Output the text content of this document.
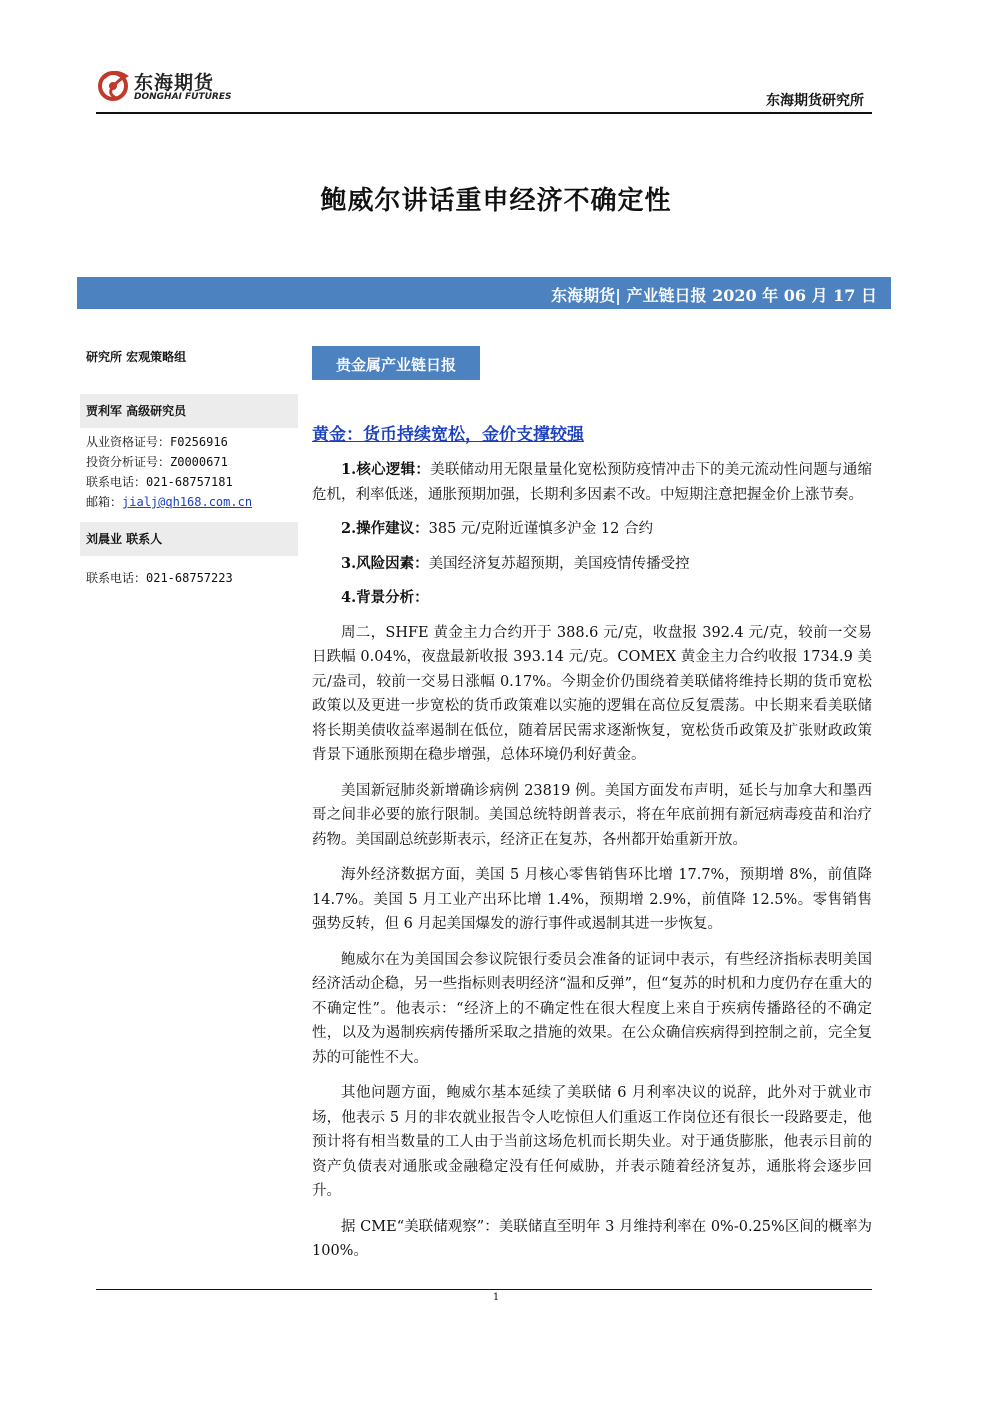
东海期货
DONGHAI FUTURES	东海期货研究所
鲍威尔讲话重申经济不确定性
东海期货| 产业链日报 2020 年 06 月 17 日
研究所 宏观策略组
贾利军 高级研究员
从业资格证号：F0256916
投资分析证号：Z0000671
联系电话：021-68757181
邮箱：jialj@qh168.com.cn
刘晨业 联系人
联系电话：021-68757223
贵金属产业链日报
黄金：货币持续宽松，金价支撑较强

1.核心逻辑：美联储动用无限量量化宽松预防疫情冲击下的美元流动性问题与通缩危机，利率低迷，通胀预期加强，长期利多因素不改。中短期注意把握金价上涨节奏。

2.操作建议：385 元/克附近谨慎多沪金 12 合约

3.风险因素：美国经济复苏超预期，美国疫情传播受控

4.背景分析：

周二，SHFE 黄金主力合约开于 388.6 元/克，收盘报 392.4 元/克，较前一交易日跌幅 0.04%，夜盘最新收报 393.14 元/克。COMEX 黄金主力合约收报 1734.9 美元/盎司，较前一交易日涨幅 0.17%。今期金价仍围绕着美联储将维持长期的货币宽松政策以及更进一步宽松的货币政策难以实施的逻辑在高位反复震荡。中长期来看美联储将长期美债收益率遏制在低位，随着居民需求逐渐恢复，宽松货币政策及扩张财政政策背景下通胀预期在稳步增强，总体环境仍利好黄金。

美国新冠肺炎新增确诊病例 23819 例。美国方面发布声明，延长与加拿大和墨西哥之间非必要的旅行限制。美国总统特朗普表示，将在年底前拥有新冠病毒疫苗和治疗药物。美国副总统彭斯表示，经济正在复苏，各州都开始重新开放。

海外经济数据方面，美国 5 月核心零售销售环比增 17.7%，预期增 8%，前值降 14.7%。美国 5 月工业产出环比增 1.4%，预期增 2.9%，前值降 12.5%。零售销售强势反转，但 6 月起美国爆发的游行事件或遏制其进一步恢复。

鲍威尔在为美国国会参议院银行委员会准备的证词中表示，有些经济指标表明美国经济活动企稳，另一些指标则表明经济“温和反弹”，但“复苏的时机和力度仍存在重大的不确定性”。他表示：“经济上的不确定性在很大程度上来自于疾病传播路径的不确定性，以及为遏制疾病传播所采取之措施的效果。在公众确信疾病得到控制之前，完全复苏的可能性不大。

其他问题方面，鲍威尔基本延续了美联储 6 月利率决议的说辞，此外对于就业市场，他表示 5 月的非农就业报告令人吃惊但人们重返工作岗位还有很长一段路要走，他预计将有相当数量的工人由于当前这场危机而长期失业。对于通货膨胀，他表示目前的资产负债表对通胀或金融稳定没有任何威胁，并表示随着经济复苏，通胀将会逐步回升。

据 CME“美联储观察”：美联储直至明年 3 月维持利率在 0%-0.25%区间的概率为 100%。

1
